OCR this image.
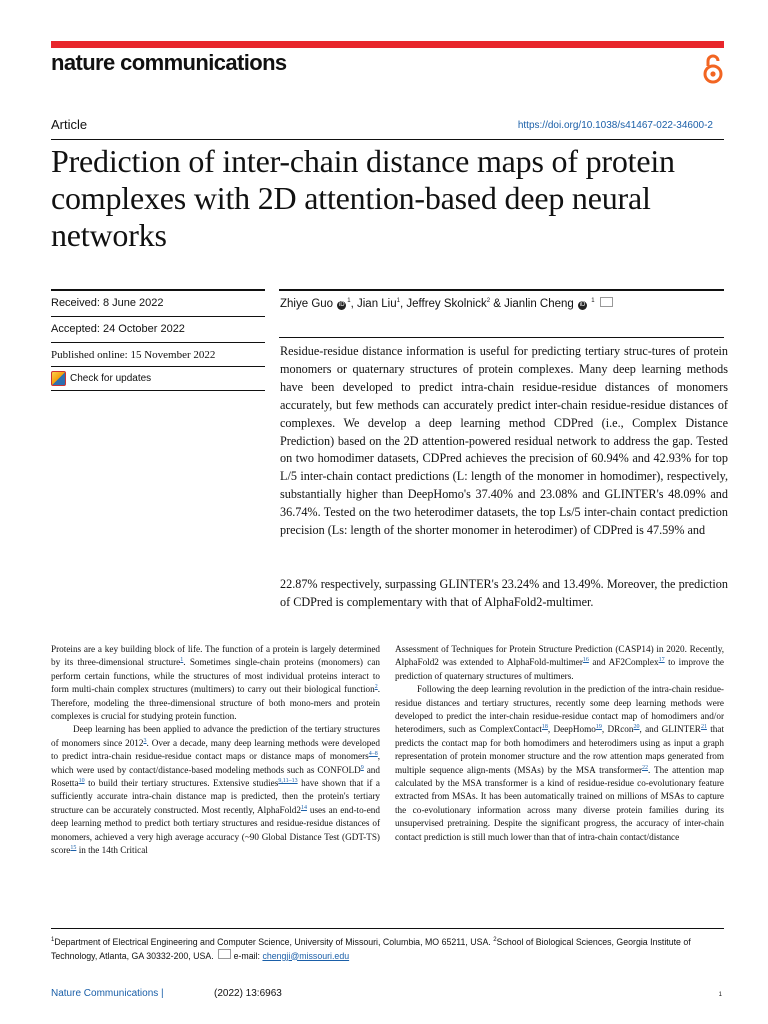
nature communications
Article	https://doi.org/10.1038/s41467-022-34600-2
Prediction of inter-chain distance maps of protein complexes with 2D attention-based deep neural networks
Received: 8 June 2022
Accepted: 24 October 2022
Published online: 15 November 2022
Check for updates
Zhiye Guo $iD^1$, Jian Liu$^1$, Jeffrey Skolnick$^2$ & Jianlin Cheng iD $^1$

Residue-residue distance information is useful for predicting tertiary struc-tures of protein monomers or quaternary structures of protein complexes. Many deep learning methods have been developed to predict intra-chain residue-residue distances of monomers accurately, but few methods can accurately predict inter-chain residue-residue distances of complexes. We develop a deep learning method CDPred (i.e., Complex Distance Prediction) based on the 2D attention-powered residual network to address the gap. Tested on two homodimer datasets, CDPred achieves the precision of 60.94% and 42.93% for top L/5 inter-chain contact predictions (L: length of the monomer in homodimer), respectively, substantially higher than DeepHomo's 37.40% and 23.08% and GLINTER's 48.09% and 36.74%. Tested on the two heterodimer datasets, the top Ls/5 inter-chain contact prediction precision (Ls: length of the shorter monomer in heterodimer) of CDPred is 47.59% and

22.87% respectively, surpassing GLINTER's 23.24% and 13.49%. Moreover, the prediction of CDPred is complementary with that of AlphaFold2-multimer.

Proteins are a key building block of life. The function of a protein is largely determined by its three-dimensional structure$^1$. Sometimes single-chain proteins (monomers) can perform certain functions, while the structures of most individual proteins interact to form multi-chain complex structures (multimers) to carry out their biological function$^2$. Therefore, modeling the three-dimensional structure of both mono-mers and protein complexes is crucial for studying protein function.

Deep learning has been applied to advance the prediction of the tertiary structures of monomers since 2012$^3$. Over a decade, many deep learning methods were developed to predict intra-chain residue-residue contact maps or distance maps of monomers$^{4-8}$, which were used by contact/distance-based modeling methods such as CONFOLD$^9$ and Rosetta$^{10}$ to build their tertiary structures. Extensive studies$^{9,11-13}$ have shown that if a sufficiently accurate intra-chain distance map is predicted, then the protein's tertiary structure can be accurately constructed. Most recently, $AlphaFold2^{14}$ uses an end-to-end deep learning method to predict both tertiary structures and residue-residue distances of monomers, achieved a very high average accuracy (~90 Global Distance Test (GDT-TS) score$^{15}$ in the 14th Critical

Assessment of Techniques for Protein Structure Prediction (CASP14) in 2020. Recently, AlphaFold2 was extended to AlphaFold-multimer$^{16}$ and AF2Complex$^{17}$ to improve the prediction of quaternary structures of multimers.

Following the deep learning revolution in the prediction of the intra-chain residue-residue distances and tertiary structures, recently some deep learning methods were developed to predict the inter-chain residue-residue contact map of homodimers and/or heterodimers, such as ComplexContact$^{18}$, DeepHomo$^{19}$, DRcon$^{20}$, and GLINTER$^{21}$ that predicts the contact map for both homodimers and heterodimers using as input a graph representation of protein monomer structure and the row attention maps generated from multiple sequence align-ments (MSAs) by the MSA transformer$^{22}$. The attention map calculated by the MSA transformer is a kind of residue-residue co-evolutionary feature extracted from MSAs. It has been automatically trained on millions of MSAs to capture the co-evolutionary information across many diverse protein families during its unsupervised pretraining. Despite the significant progress, the accuracy of inter-chain contact prediction is still much lower than that of intra-chain contact/distance

$^1$Department of Electrical Engineering and Computer Science, University of Missouri, Columbia, MO 65211, USA. $^2$School of Biological Sciences, Georgia Institute of Technology, Atlanta, GA 30332-200, USA.  e-mail: chengji@missouri.edu

Nature Communications |	(2022) 13:6963	1
